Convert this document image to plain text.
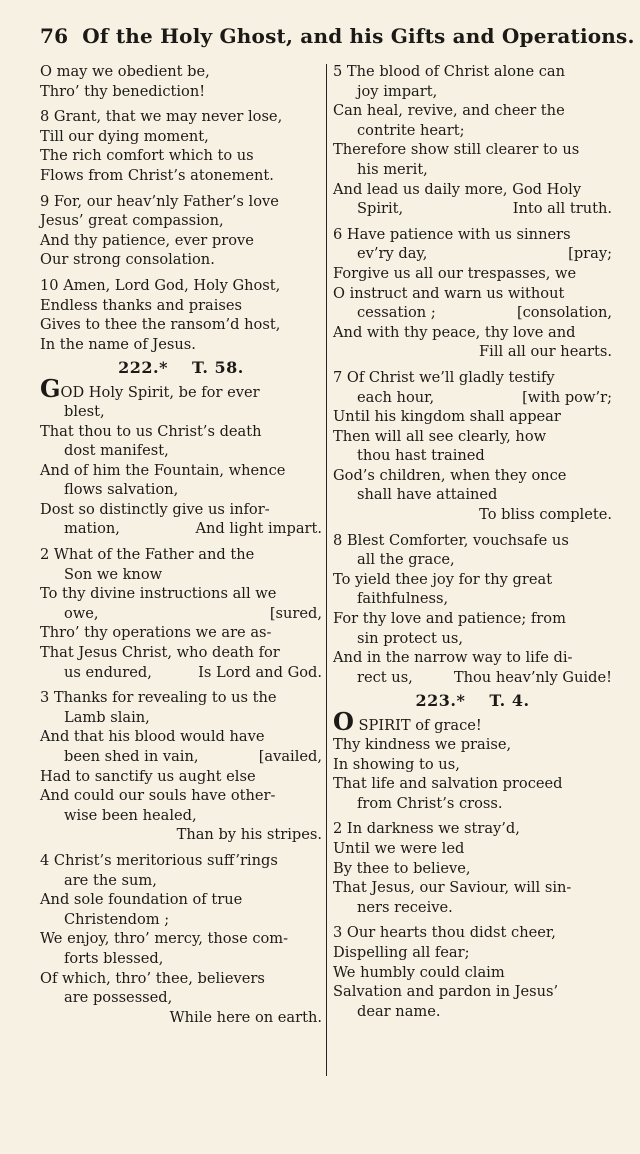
76 Of the Holy Ghost, and his Gifts and Operations.
O may we obedient be,
Thro’ thy benediction!
8 Grant, that we may never lose,
Till our dying moment,
The rich comfort which to us
Flows from Christ’s atonement.
9 For, our heav’nly Father’s love
Jesus’ great compassion,
And thy patience, ever prove
Our strong consolation.
10 Amen, Lord God, Holy Ghost,
Endless thanks and praises
Gives to thee the ransom’d host,
In the name of Jesus.
222.* T. 58.
GOD Holy Spirit, be for ever
blest,
That thou to us Christ’s death
dost manifest,
And of him the Fountain, whence
flows salvation,
Dost so distinctly give us infor-
mation,	And light impart.
2 What of the Father and the
Son we know
To thy divine instructions all we
owe,	[sured,
Thro’ thy operations we are as-
That Jesus Christ, who death for
us endured,	Is Lord and God.
3 Thanks for revealing to us the
Lamb slain,
And that his blood would have
been shed in vain,	[availed,
Had to sanctify us aught else
And could our souls have other-
wise been healed,
Than by his stripes.
4 Christ’s meritorious suff’rings
are the sum,
And sole foundation of true
Christendom ;
We enjoy, thro’ mercy, those com-
forts blessed,
Of which, thro’ thee, believers
are possessed,
While here on earth.
5 The blood of Christ alone can
joy impart,
Can heal, revive, and cheer the
contrite heart;
Therefore show still clearer to us
his merit,
And lead us daily more, God Holy
Spirit,	Into all truth.
6 Have patience with us sinners
ev’ry day,	[pray;
Forgive us all our trespasses, we
O instruct and warn us without
cessation ;	[consolation,
And with thy peace, thy love and
Fill all our hearts.
7 Of Christ we’ll gladly testify
each hour,	[with pow’r;
Until his kingdom shall appear
Then will all see clearly, how
thou hast trained
God’s children, when they once
shall have attained
To bliss complete.
8 Blest Comforter, vouchsafe us
all the grace,
To yield thee joy for thy great
faithfulness,
For thy love and patience; from
sin protect us,
And in the narrow way to life di-
rect us,	Thou heav’nly Guide!
223.* T. 4.
O SPIRIT of grace!
Thy kindness we praise,
In showing to us,
That life and salvation proceed
from Christ’s cross.
2 In darkness we stray’d,
Until we were led
By thee to believe,
That Jesus, our Saviour, will sin-
ners receive.
3 Our hearts thou didst cheer,
Dispelling all fear;
We humbly could claim
Salvation and pardon in Jesus’
dear name.
